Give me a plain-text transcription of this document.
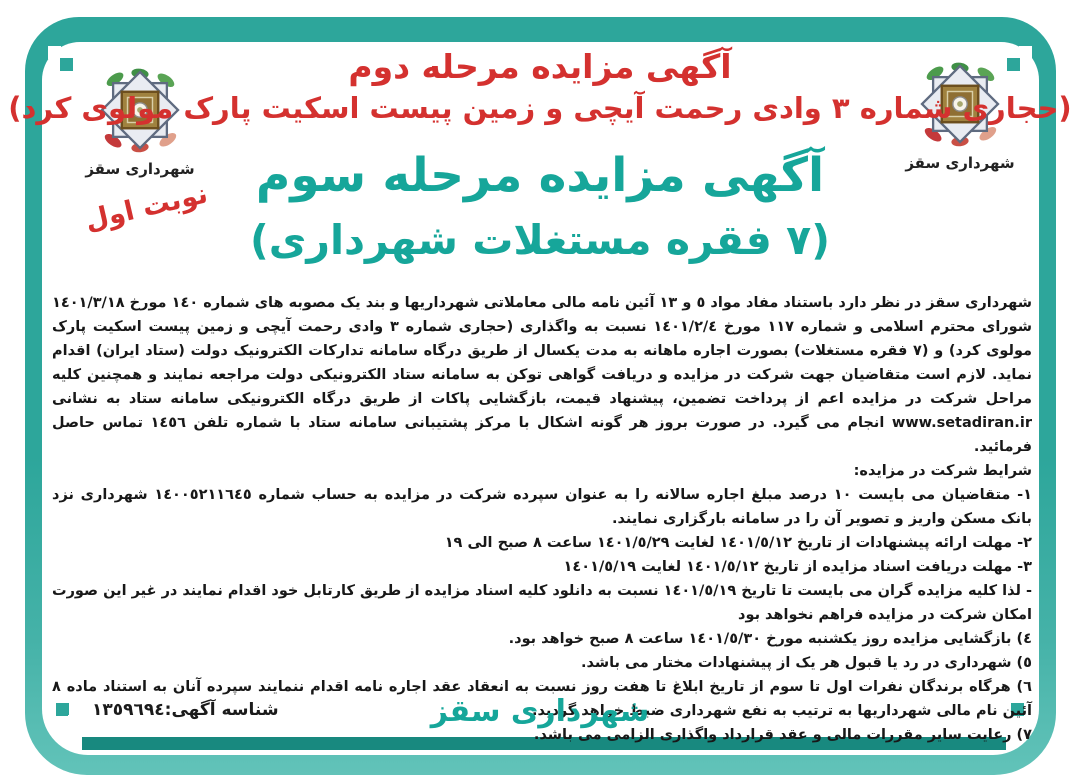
شهرداری سقز	شهرداری سقز
آگهی مزایده مرحله دوم
(حجاری شماره ٣ وادی رحمت آیچی و زمین پیست اسکیت پارک مولوی کرد)
آگهی مزایده مرحله سوم
(٧ فقره مستغلات شهرداری)
نوبت اول

شهرداری سقز در نظر دارد باستناد مفاد مواد ٥ و ١٣ آئین نامه مالی معاملاتی شهرداریها و بند یک مصوبه های شماره ١٤٠ مورخ ١٤٠١/٣/١٨ شورای محترم اسلامی و شماره ١١٧ مورخ ١٤٠١/٢/٤ نسبت به واگذاری (حجاری شماره ٣ وادی رحمت آیچی و زمین پیست اسکیت پارک مولوی کرد) و (٧ فقره مستغلات) بصورت اجاره ماهانه به مدت یکسال از طریق درگاه سامانه تدارکات الکترونیک دولت (ستاد ایران) اقدام نماید. لازم است متقاضیان جهت شرکت در مزایده و دریافت گواهی توکن به سامانه ستاد الکترونیکی دولت مراجعه نمایند و همچنین کلیه مراحل شرکت در مزایده اعم از پرداخت تضمین، پیشنهاد قیمت، بازگشایی پاکات از طریق درگاه الکترونیکی سامانه ستاد به نشانی www.setadiran.ir انجام می گیرد. در صورت بروز هر گونه اشکال با مرکز پشتیبانی سامانه ستاد با شماره تلفن ١٤٥٦ تماس حاصل فرمائید.

شرایط شرکت در مزایده:

١- متقاضیان می بایست ١٠ درصد مبلغ اجاره سالانه را به عنوان سپرده شرکت در مزایده به حساب شماره ١٤٠٠٥٢١١٦٤٥ شهرداری نزد بانک مسکن واریز و تصویر آن را در سامانه بارگزاری نمایند.

٢- مهلت ارائه پیشنهادات از تاریخ ١٤٠١/٥/١٢ لغایت ١٤٠١/٥/٢٩ ساعت ٨ صبح الی ١٩

٣- مهلت دریافت اسناد مزایده از تاریخ ١٤٠١/٥/١٢ لغایت ١٤٠١/٥/١٩

- لذا کلیه مزایده گران می بایست تا تاریخ ١٤٠١/٥/١٩ نسبت به دانلود کلیه اسناد مزایده از طریق کارتابل خود اقدام نمایند در غیر این صورت امکان شرکت در مزایده فراهم نخواهد بود

٤) بازگشایی مزایده روز یکشنبه مورخ ١٤٠١/٥/٣٠ ساعت ٨ صبح خواهد بود.

٥) شهرداری در رد یا قبول هر یک از پیشنهادات مختار می باشد.

٦) هرگاه برندگان نفرات اول تا سوم از تاریخ ابلاغ تا هفت روز نسبت به انعقاد عقد اجاره نامه اقدام ننمایند سپرده آنان به استناد ماده ٨ آئین نام مالی شهرداریها به ترتیب به نفع شهرداری ضبط خواهد گردید.

٧) رعایت سایر مقررات مالی و عقد قرارداد واگذاری الزامی می باشد.

شناسه آگهی:١٣٥٩٦٩٤	شهرداری سقز
